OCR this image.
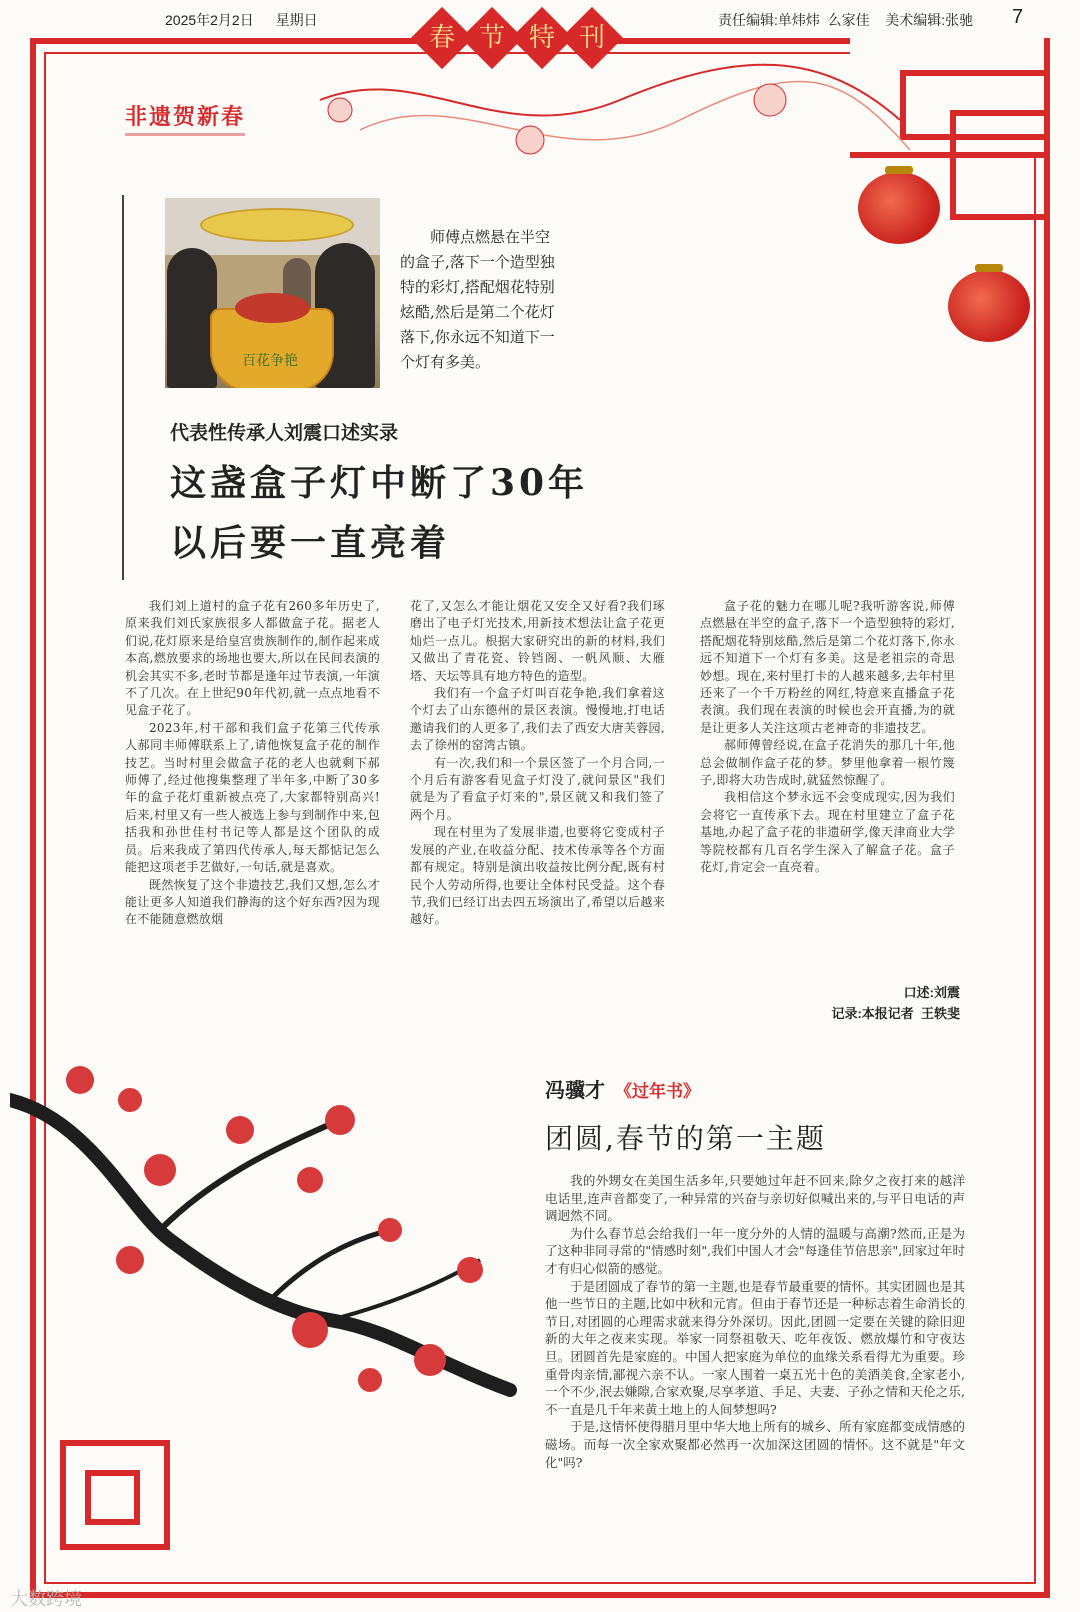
2025年2月2日 星期日	责任编辑:单炜炜  么家佳    美术编辑:张驰 7
春 节 特 刊
非遗贺新春
百花争艳
师傅点燃悬在半空的盒子,落下一个造型独特的彩灯,搭配烟花特别炫酷,然后是第二个花灯落下,你永远不知道下一个灯有多美。
代表性传承人刘震口述实录
这盏盒子灯中断了30年
以后要一直亮着

我们刘上道村的盒子花有260多年历史了,原来我们刘氏家族很多人都做盒子花。据老人们说,花灯原来是给皇宫贵族制作的,制作起来成本高,燃放要求的场地也要大,所以在民间表演的机会其实不多,老时节都是逢年过节表演,一年演不了几次。在上世纪90年代初,就一点点地看不见盒子花了。

2023年,村干部和我们盒子花第三代传承人郝同丰师傅联系上了,请他恢复盒子花的制作技艺。当时村里会做盒子花的老人也就剩下郝师傅了,经过他搜集整理了半年多,中断了30多年的盒子花灯重新被点亮了,大家都特别高兴!后来,村里又有一些人被选上参与到制作中来,包括我和孙世佳村书记等人都是这个团队的成员。后来我成了第四代传承人,每天都惦记怎么能把这项老手艺做好,一句话,就是喜欢。

既然恢复了这个非遗技艺,我们又想,怎么才能让更多人知道我们静海的这个好东西?因为现在不能随意燃放烟

花了,又怎么才能让烟花又安全又好看?我们琢磨出了电子灯光技术,用新技术想法让盒子花更灿烂一点儿。根据大家研究出的新的材料,我们又做出了青花瓷、铃铛阁、一帆风顺、大雁塔、天坛等具有地方特色的造型。

我们有一个盒子灯叫百花争艳,我们拿着这个灯去了山东德州的景区表演。慢慢地,打电话邀请我们的人更多了,我们去了西安大唐芙蓉园,去了徐州的窑湾古镇。

有一次,我们和一个景区签了一个月合同,一个月后有游客看见盒子灯没了,就问景区"我们就是为了看盒子灯来的",景区就又和我们签了两个月。

现在村里为了发展非遗,也要将它变成村子发展的产业,在收益分配、技术传承等各个方面都有规定。特别是演出收益按比例分配,既有村民个人劳动所得,也要让全体村民受益。这个春节,我们已经订出去四五场演出了,希望以后越来越好。

盒子花的魅力在哪儿呢?我听游客说,师傅点燃悬在半空的盒子,落下一个造型独特的彩灯,搭配烟花特别炫酷,然后是第二个花灯落下,你永远不知道下一个灯有多美。这是老祖宗的奇思妙想。现在,来村里打卡的人越来越多,去年村里还来了一个千万粉丝的网红,特意来直播盒子花表演。我们现在表演的时候也会开直播,为的就是让更多人关注这项古老神奇的非遗技艺。

郝师傅曾经说,在盒子花消失的那几十年,他总会做制作盒子花的梦。梦里他拿着一根竹篾子,即将大功告成时,就猛然惊醒了。

我相信这个梦永远不会变成现实,因为我们会将它一直传承下去。现在村里建立了盒子花基地,办起了盒子花的非遗研学,像天津商业大学等院校都有几百名学生深入了解盒子花。盒子花灯,肯定会一直亮着。

口述:刘震
记录:本报记者  王轶斐
冯骥才 《过年书》
团圆,春节的第一主题

我的外甥女在美国生活多年,只要她过年赶不回来,除夕之夜打来的越洋电话里,连声音都变了,一种异常的兴奋与亲切好似喊出来的,与平日电话的声调迥然不同。

为什么春节总会给我们一年一度分外的人情的温暖与高潮?然而,正是为了这种非同寻常的"情感时刻",我们中国人才会"每逢佳节倍思亲",回家过年时才有归心似箭的感觉。

于是团圆成了春节的第一主题,也是春节最重要的情怀。其实团圆也是其他一些节日的主题,比如中秋和元宵。但由于春节还是一种标志着生命消长的节日,对团圆的心理需求就来得分外深切。因此,团圆一定要在关键的除旧迎新的大年之夜来实现。举家一同祭祖敬天、吃年夜饭、燃放爆竹和守夜达旦。团圆首先是家庭的。中国人把家庭为单位的血缘关系看得尤为重要。珍重骨肉亲情,鄙视六亲不认。一家人围着一桌五光十色的美酒美食,全家老小,一个不少,泯去嫌隙,合家欢聚,尽享孝道、手足、夫妻、子孙之情和天伦之乐,不一直是几千年来黄土地上的人间梦想吗?

于是,这情怀使得腊月里中华大地上所有的城乡、所有家庭都变成情感的磁场。而每一次全家欢聚都必然再一次加深这团圆的情怀。这不就是"年文化"吗?

大数跨境
